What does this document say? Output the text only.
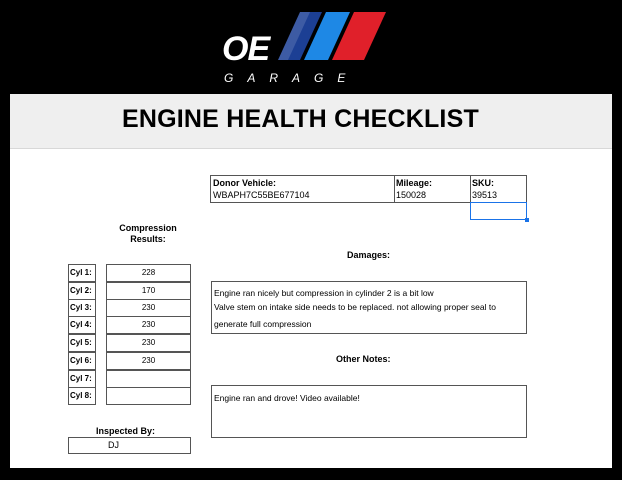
OE
GARAGE
ENGINE HEALTH CHECKLIST
Donor Vehicle:
WBAPH7C55BE677104
Mileage:
150028
SKU:
39513
Compression
Results:
Cyl 1:	228
Cyl 2:	170
Cyl 3:	230
Cyl 4:	230
Cyl 5:	230
Cyl 6:	230
Cyl 7:
Cyl 8:
Inspected By:
DJ
Damages:
Engine ran nicely but compression in cylinder 2 is a bit low
Valve stem on intake side needs to be replaced. not allowing proper seal to
generate full compression
Other Notes:
Engine ran and drove! Video available!
